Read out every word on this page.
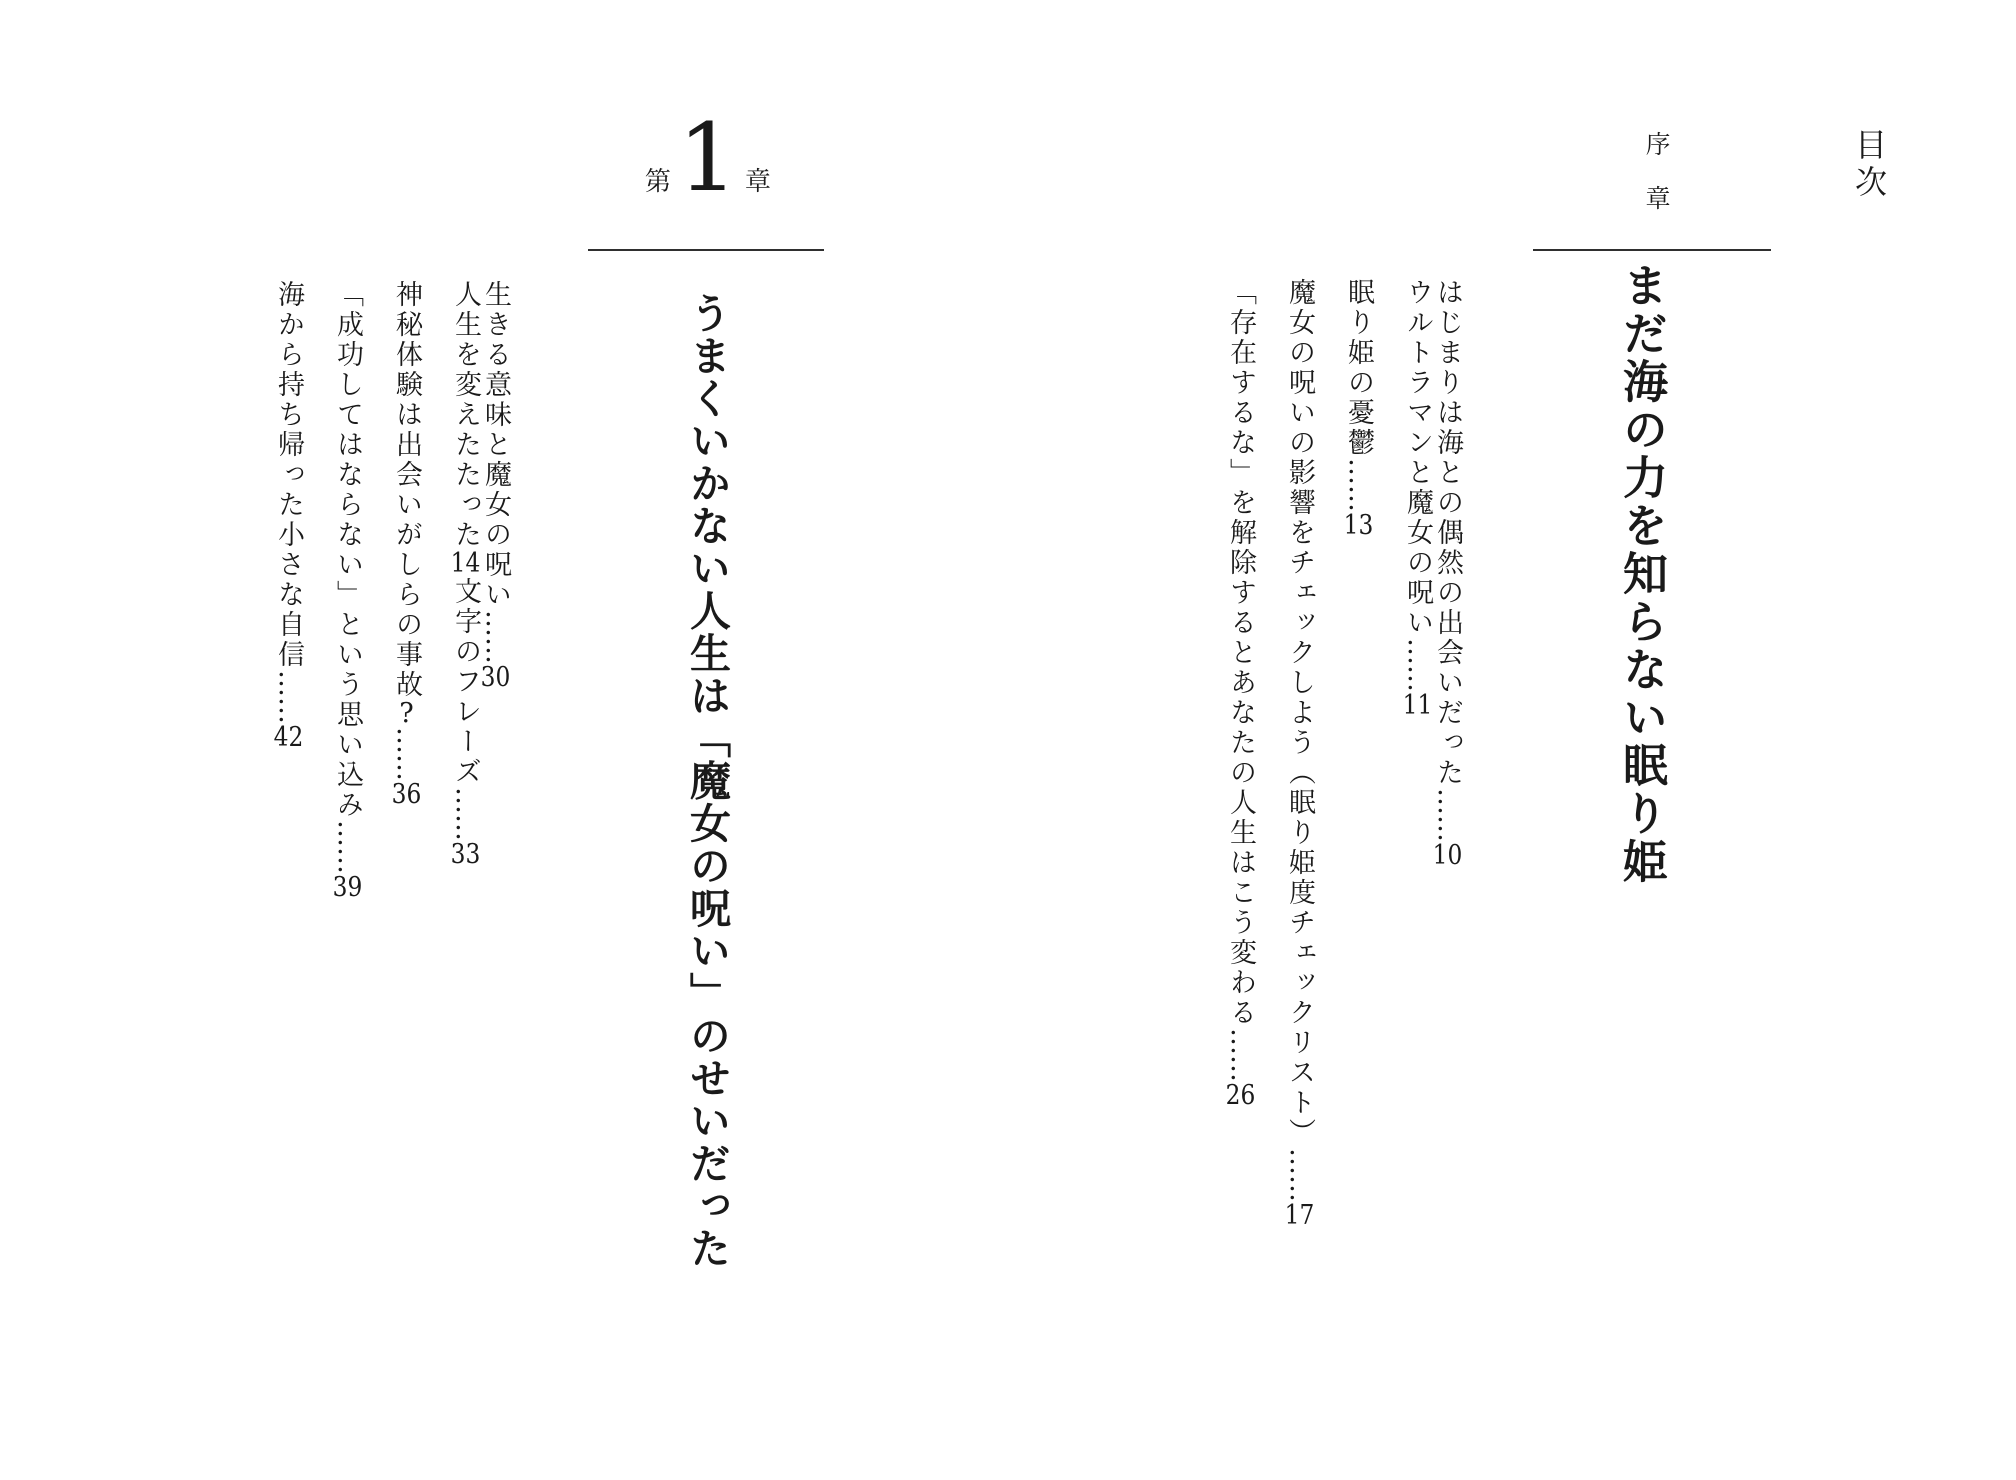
目次
序章
まだ海の力を知らない眠り姫
はじまりは海との偶然の出会いだった……10
ウルトラマンと魔女の呪い……11
眠り姫の憂鬱……13
魔女の呪いの影響をチェックしよう（眠り姫度チェックリスト）……17
「存在するな」を解除するとあなたの人生はこう変わる……26
第 1 章
うまくいかない人生は「魔女の呪い」のせいだった
生きる意味と魔女の呪い……30
人生を変えたたった14文字のフレーズ……33
神秘体験は出会いがしらの事故?……36
「成功してはならない」という思い込み……39
海から持ち帰った小さな自信……42
